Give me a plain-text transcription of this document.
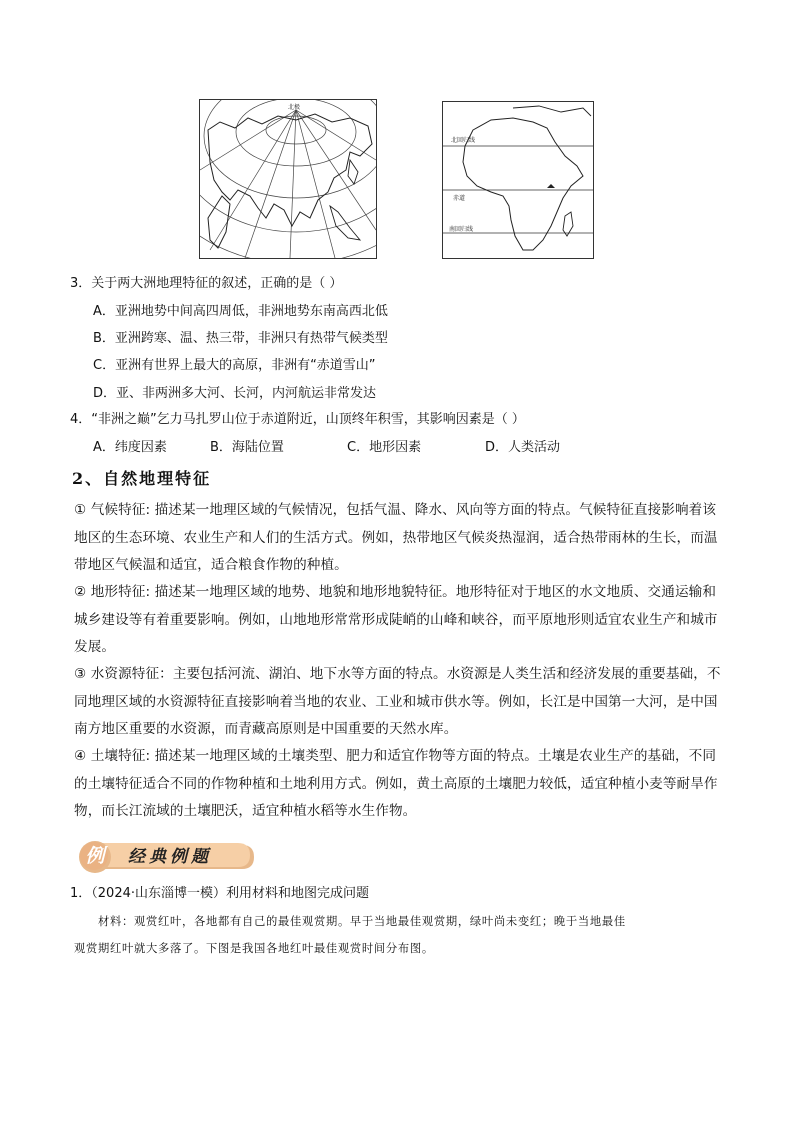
北极
北回归线
赤道
南回归线
3．关于两大洲地理特征的叙述，正确的是（ ）
A．亚洲地势中间高四周低，非洲地势东南高西北低
B．亚洲跨寒、温、热三带，非洲只有热带气候类型
C．亚洲有世界上最大的高原，非洲有“赤道雪山”
D．亚、非两洲多大河、长河，内河航运非常发达
4．“非洲之巅”乞力马扎罗山位于赤道附近，山顶终年积雪，其影响因素是（ ）
A．纬度因素	B．海陆位置	C．地形因素	D．人类活动
2、自然地理特征
① 气候特征: 描述某一地理区域的气候情况，包括气温、降水、风向等方面的特点。气候特征直接影响着该地区的生态环境、农业生产和人们的生活方式。例如，热带地区气候炎热湿润，适合热带雨林的生长，而温带地区气候温和适宜，适合粮食作物的种植。
② 地形特征: 描述某一地理区域的地势、地貌和地形地貌特征。地形特征对于地区的水文地质、交通运输和城乡建设等有着重要影响。例如，山地地形常常形成陡峭的山峰和峡谷，而平原地形则适宜农业生产和城市发展。
③ 水资源特征：主要包括河流、湖泊、地下水等方面的特点。水资源是人类生活和经济发展的重要基础，不同地理区域的水资源特征直接影响着当地的农业、工业和城市供水等。例如，长江是中国第一大河，是中国南方地区重要的水资源，而青藏高原则是中国重要的天然水库。
④ 土壤特征: 描述某一地理区域的土壤类型、肥力和适宜作物等方面的特点。土壤是农业生产的基础，不同的土壤特征适合不同的作物种植和土地利用方式。例如，黄土高原的土壤肥力较低，适宜种植小麦等耐旱作物，而长江流域的土壤肥沃，适宜种植水稻等水生作物。
例 经典例题
1．（2024·山东淄博一模）利用材料和地图完成问题
材料：观赏红叶，各地都有自己的最佳观赏期。早于当地最佳观赏期，绿叶尚未变红；晚于当地最佳
观赏期红叶就大多落了。下图是我国各地红叶最佳观赏时间分布图。
